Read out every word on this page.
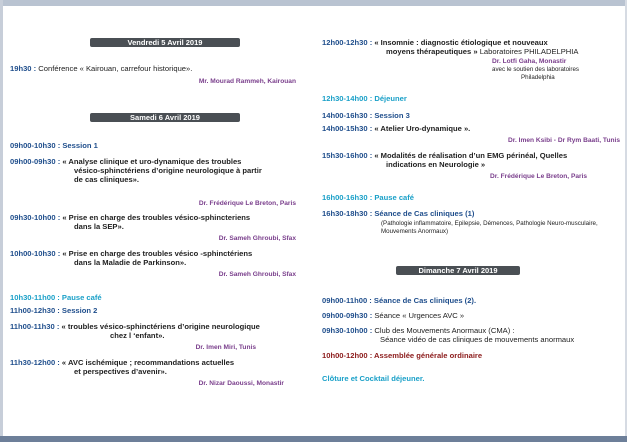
Vendredi 5 Avril 2019
19h30 : Conférence « Kairouan, carrefour historique».
Mr. Mourad Rammeh, Kairouan
Samedi 6 Avril 2019
09h00-10h30 : Session 1
09h00-09h30 : « Analyse clinique et uro-dynamique des troubles
vésico-sphinctériens d’origine neurologique à partir
de cas cliniques».
Dr. Frédérique Le Breton, Paris
09h30-10h00 : « Prise en charge des troubles vésico-sphincteriens
dans la SEP».
Dr. Sameh Ghroubi, Sfax
10h00-10h30 : « Prise en charge des troubles vésico -sphinctériens
dans la Maladie de Parkinson».
Dr. Sameh Ghroubi, Sfax
10h30-11h00 : Pause café
11h00-12h30 : Session 2
11h00-11h30 : « troubles vésico-sphinctériens d’origine neurologique
chez l ‘enfant».
Dr. Imen Miri, Tunis
11h30-12h00 : « AVC ischémique ; recommandations actuelles
et perspectives d’avenir».
Dr. Nizar Daoussi, Monastir
12h00-12h30 : « Insomnie : diagnostic étiologique et nouveaux
moyens thérapeutiques » Laboratoires PHILADELPHIA
Dr. Lotfi Gaha, Monastir
avec le soutien des laboratoires
Philadelphia
12h30-14h00 : Déjeuner
14h00-16h30 : Session 3
14h00-15h30 : « Atelier Uro-dynamique ».
Dr. Imen Ksibi - Dr Rym Baati, Tunis
15h30-16h00 : « Modalités de réalisation d’un EMG périnéal, Quelles
indications en Neurologie »
Dr. Frédérique Le Breton, Paris
16h00-16h30 : Pause café
16h30-18h30 : Séance de Cas cliniques (1)
(Pathologie inflammatoire, Epilepsie, Démences, Pathologie Neuro-musculaire,
Mouvements Anormaux)
Dimanche 7 Avril 2019
09h00-11h00 : Séance de Cas cliniques (2).
09h00-09h30 : Séance « Urgences AVC »
09h30-10h00 : Club des Mouvements Anormaux (CMA) :
Séance vidéo de cas cliniques de mouvements anormaux
10h00-12h00 : Assemblée générale ordinaire
Clôture et Cocktail déjeuner.
